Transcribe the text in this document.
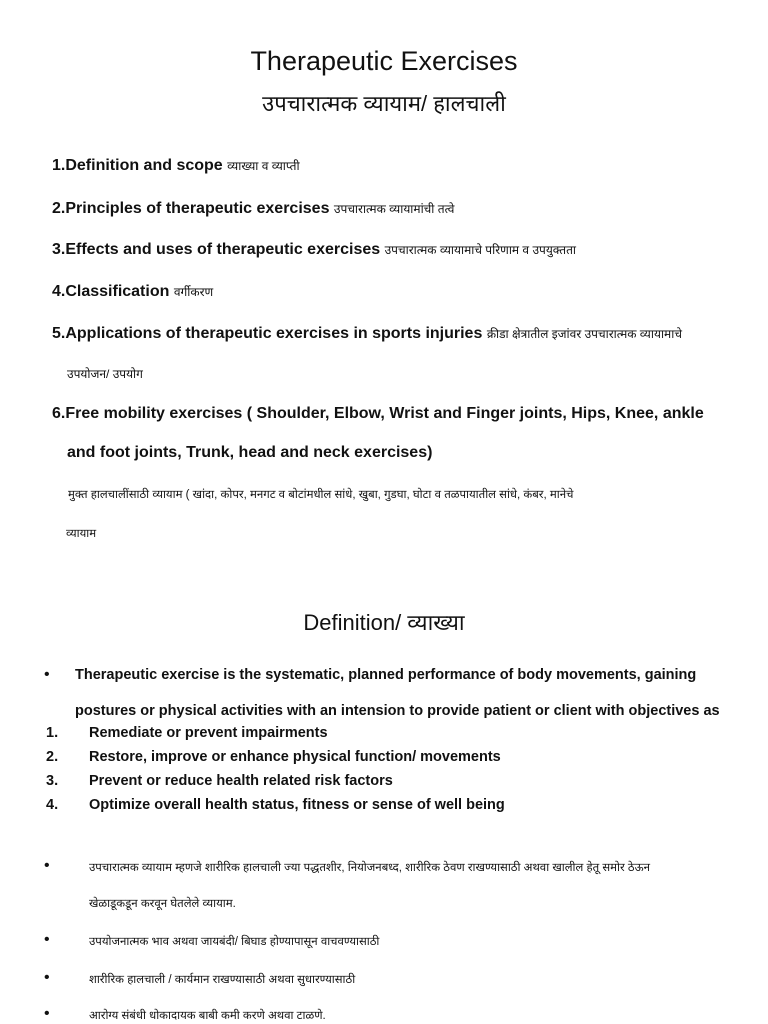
Therapeutic Exercises
उपचारात्मक व्यायाम/ हालचाली
1.Definition and scope व्याख्या व व्याप्ती
2.Principles of therapeutic exercises उपचारात्मक व्यायामांची तत्वे
3.Effects and uses of therapeutic exercises उपचारात्मक व्यायामाचे परिणाम व उपयुक्तता
4.Classification वर्गीकरण
5.Applications of therapeutic exercises in sports injuries क्रीडा क्षेत्रातील इजांवर उपचारात्मक व्यायामाचे
उपयोजन/ उपयोग
6.Free mobility exercises ( Shoulder, Elbow, Wrist and Finger joints, Hips, Knee, ankle
and foot joints, Trunk, head and neck exercises)
मुक्त हालचालींसाठी व्यायाम ( खांदा, कोपर, मनगट व बोटांमधील सांधे, खुबा, गुडघा, घोटा व तळपायातील सांधे, कंबर, मानेचे
व्यायाम
Definition/ व्याख्या
• Therapeutic exercise is the systematic, planned performance of body movements, gaining
postures or physical activities with an intension to provide patient or client with objectives as
1. Remediate or prevent impairments
2. Restore, improve or enhance physical function/ movements
3. Prevent or reduce health related risk factors
4. Optimize overall health status, fitness or sense of well being
•	उपचारात्मक व्यायाम म्हणजे शारीरिक हालचाली ज्या पद्धतशीर, नियोजनबध्द, शारीरिक ठेवण राखण्यासाठी अथवा खालील हेतू समोर ठेऊन
खेळाडूकडून करवून घेतलेले व्यायाम.
•	उपयोजनात्मक भाव अथवा जायबंदी/ बिघाड होण्यापासून वाचवण्यासाठी
•	शारीरिक हालचाली / कार्यमान राखण्यासाठी अथवा सुधारण्यासाठी
•	आरोग्य संबंधी धोकादायक बाबी कमी करणे अथवा टाळणे.
